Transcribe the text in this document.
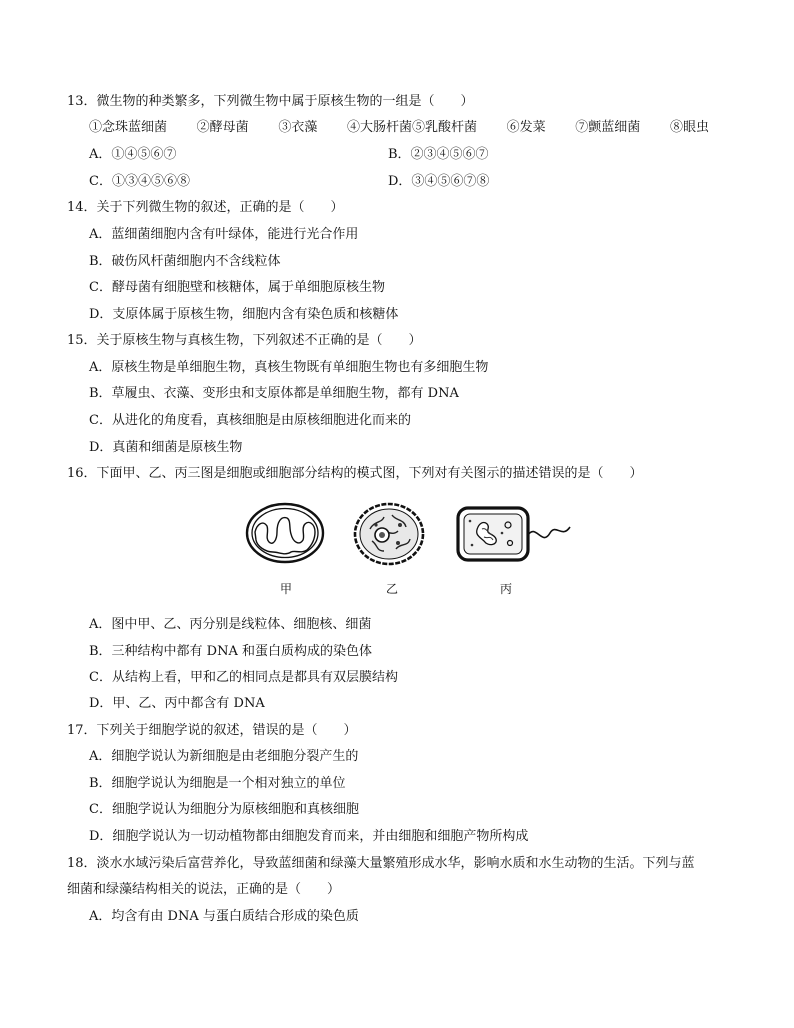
13．微生物的种类繁多，下列微生物中属于原核生物的一组是（　　）
①念珠蓝细菌 ②酵母菌 ③衣藻 ④大肠杆菌⑤乳酸杆菌 ⑥发菜 ⑦颤蓝细菌 ⑧眼虫
A．①④⑤⑥⑦	B．②③④⑤⑥⑦
C．①③④⑤⑥⑧	D．③④⑤⑥⑦⑧
14．关于下列微生物的叙述，正确的是（　　）
A．蓝细菌细胞内含有叶绿体，能进行光合作用
B．破伤风杆菌细胞内不含线粒体
C．酵母菌有细胞壁和核糖体，属于单细胞原核生物
D．支原体属于原核生物，细胞内含有染色质和核糖体
15．关于原核生物与真核生物，下列叙述不正确的是（　　）
A．原核生物是单细胞生物，真核生物既有单细胞生物也有多细胞生物
B．草履虫、衣藻、变形虫和支原体都是单细胞生物，都有 DNA
C．从进化的角度看，真核细胞是由原核细胞进化而来的
D．真菌和细菌是原核生物
16．下面甲、乙、丙三图是细胞或细胞部分结构的模式图，下列对有关图示的描述错误的是（　　）
甲	乙	丙
A．图中甲、乙、丙分别是线粒体、细胞核、细菌
B．三种结构中都有 DNA 和蛋白质构成的染色体
C．从结构上看，甲和乙的相同点是都具有双层膜结构
D．甲、乙、丙中都含有 DNA
17．下列关于细胞学说的叙述，错误的是（　　）
A．细胞学说认为新细胞是由老细胞分裂产生的
B．细胞学说认为细胞是一个相对独立的单位
C．细胞学说认为细胞分为原核细胞和真核细胞
D．细胞学说认为一切动植物都由细胞发育而来，并由细胞和细胞产物所构成
18．淡水水域污染后富营养化，导致蓝细菌和绿藻大量繁殖形成水华，影响水质和水生动物的生活。下列与蓝
细菌和绿藻结构相关的说法，正确的是（　　）
A．均含有由 DNA 与蛋白质结合形成的染色质
